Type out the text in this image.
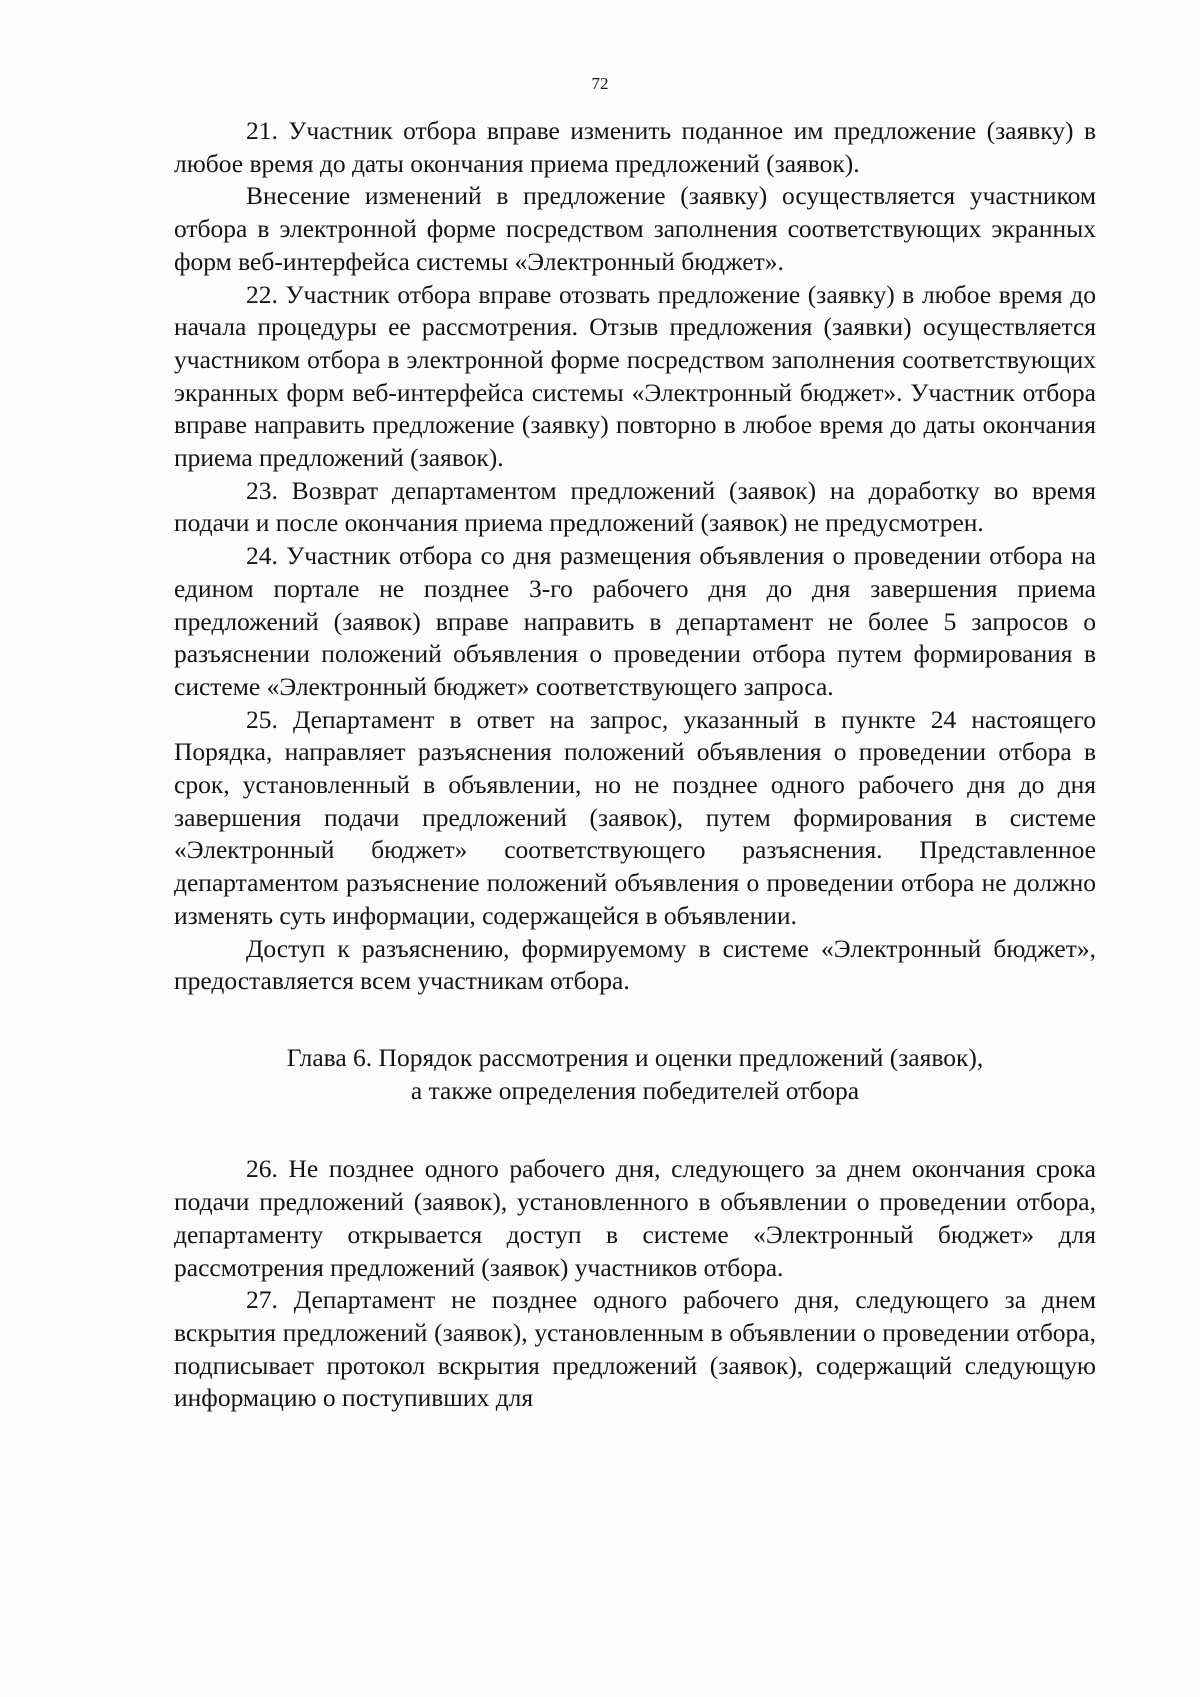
72

21. Участник отбора вправе изменить поданное им предложение (заявку) в любое время до даты окончания приема предложений (заявок).

Внесение изменений в предложение (заявку) осуществляется участником отбора в электронной форме посредством заполнения соответствующих экранных форм веб-интерфейса системы «Электронный бюджет».

22. Участник отбора вправе отозвать предложение (заявку) в любое время до начала процедуры ее рассмотрения. Отзыв предложения (заявки) осуществляется участником отбора в электронной форме посредством заполнения соответствующих экранных форм веб-интерфейса системы «Электронный бюджет». Участник отбора вправе направить предложение (заявку) повторно в любое время до даты окончания приема предложений (заявок).

23. Возврат департаментом предложений (заявок) на доработку во время подачи и после окончания приема предложений (заявок) не предусмотрен.

24. Участник отбора со дня размещения объявления о проведении отбора на едином портале не позднее 3-го рабочего дня до дня завершения приема предложений (заявок) вправе направить в департамент не более 5 запросов о разъяснении положений объявления о проведении отбора путем формирования в системе «Электронный бюджет» соответствующего запроса.

25. Департамент в ответ на запрос, указанный в пункте 24 настоящего Порядка, направляет разъяснения положений объявления о проведении отбора в срок, установленный в объявлении, но не позднее одного рабочего дня до дня завершения подачи предложений (заявок), путем формирования в системе «Электронный бюджет» соответствующего разъяснения. Представленное департаментом разъяснение положений объявления о проведении отбора не должно изменять суть информации, содержащейся в объявлении.

Доступ к разъяснению, формируемому в системе «Электронный бюджет», предоставляется всем участникам отбора.

Глава 6. Порядок рассмотрения и оценки предложений (заявок),
а также определения победителей отбора

26. Не позднее одного рабочего дня, следующего за днем окончания срока подачи предложений (заявок), установленного в объявлении о проведении отбора, департаменту открывается доступ в системе «Электронный бюджет» для рассмотрения предложений (заявок) участников отбора.

27. Департамент не позднее одного рабочего дня, следующего за днем вскрытия предложений (заявок), установленным в объявлении о проведении отбора, подписывает протокол вскрытия предложений (заявок), содержащий следующую информацию о поступивших для
